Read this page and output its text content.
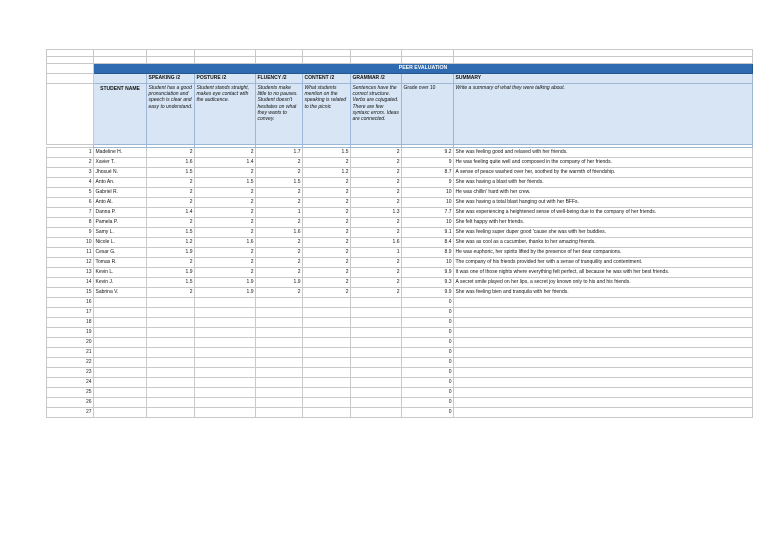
	PEER EVALUATION							
		SPEAKING /2	POSTURE /2	FLUENCY /2	CONTENT /2	GRAMMAR /2		SUMMARY
	STUDENT NAME	Student has a good pronunciation and speech is clear and easy to understand.	Student stands straight, makes eye contact with the audicence.	Students make little to no pauses. Student doesn't hesitates on what they wants to convey.	What students mention on the speaking is related to the picnic	Sentences have the correct structure. Verbs are cojugated. There are few syntaxc errors. Ideas are connected.	Grade over 10	Write a summary of what they were talking about.

1	Madeline H.	2	2	1.7	1.5	2	9.2	She was feeling good and relaxed with her friends.
2	Xavier T.	1.6	1.4	2	2	2	9	He was feeling quite well and composed in the company of her friends.
3	Jhosué N.	1.5	2	2	1.2	2	8.7	A sense of peace washed over her, soothed by the warmth of friendship.
4	Anto An.	2	1.5	1.5	2	2	9	She was having a blast with her friends.
5	Gabriel R.	2	2	2	2	2	10	He was chillin' hard with her crew.
6	Anto Al.	2	2	2	2	2	10	She was having a total blast hanging out with her BFFs.
7	Danna P.	1.4	2	1	2	1.3	7.7	She was experiencing a heightened sense of well-being due to the company of her friends.
8	Pamela P.	2	2	2	2	2	10	She felt happy with her friends.
9	Samy L.	1.5	2	1.6	2	2	9.1	She was feeling super duper good 'cause she was with her buddies.
10	Nicole L.	1.2	1.6	2	2	1.6	8.4	She was as cool as a cucumber, thanks to her amazing friends.
11	Cesar G.	1.9	2	2	2	1	8.9	He was euphoric, her spirits lifted by the presence of her dear companions.
12	Tomas R.	2	2	2	2	2	10	The company of his friends provided her with a sense of tranquility and contentment.
13	Kevin L.	1.9	2	2	2	2	9.9	It was one of those nights where everything felt perfect, all because he was with her best friends.
14	Kevin J.	1.5	1.9	1.9	2	2	9.3	A secret smile played on her lips, a secret joy known only to his and his friends.
15	Sabrina V.	2	1.9	2	2	2	9.9	She was feeling bien and tranquila with her friends.
16							0	
17							0	
18							0	
19							0	
20							0	
21							0	
22							0	
23							0	
24							0	
25							0	
26							0	
27							0	
